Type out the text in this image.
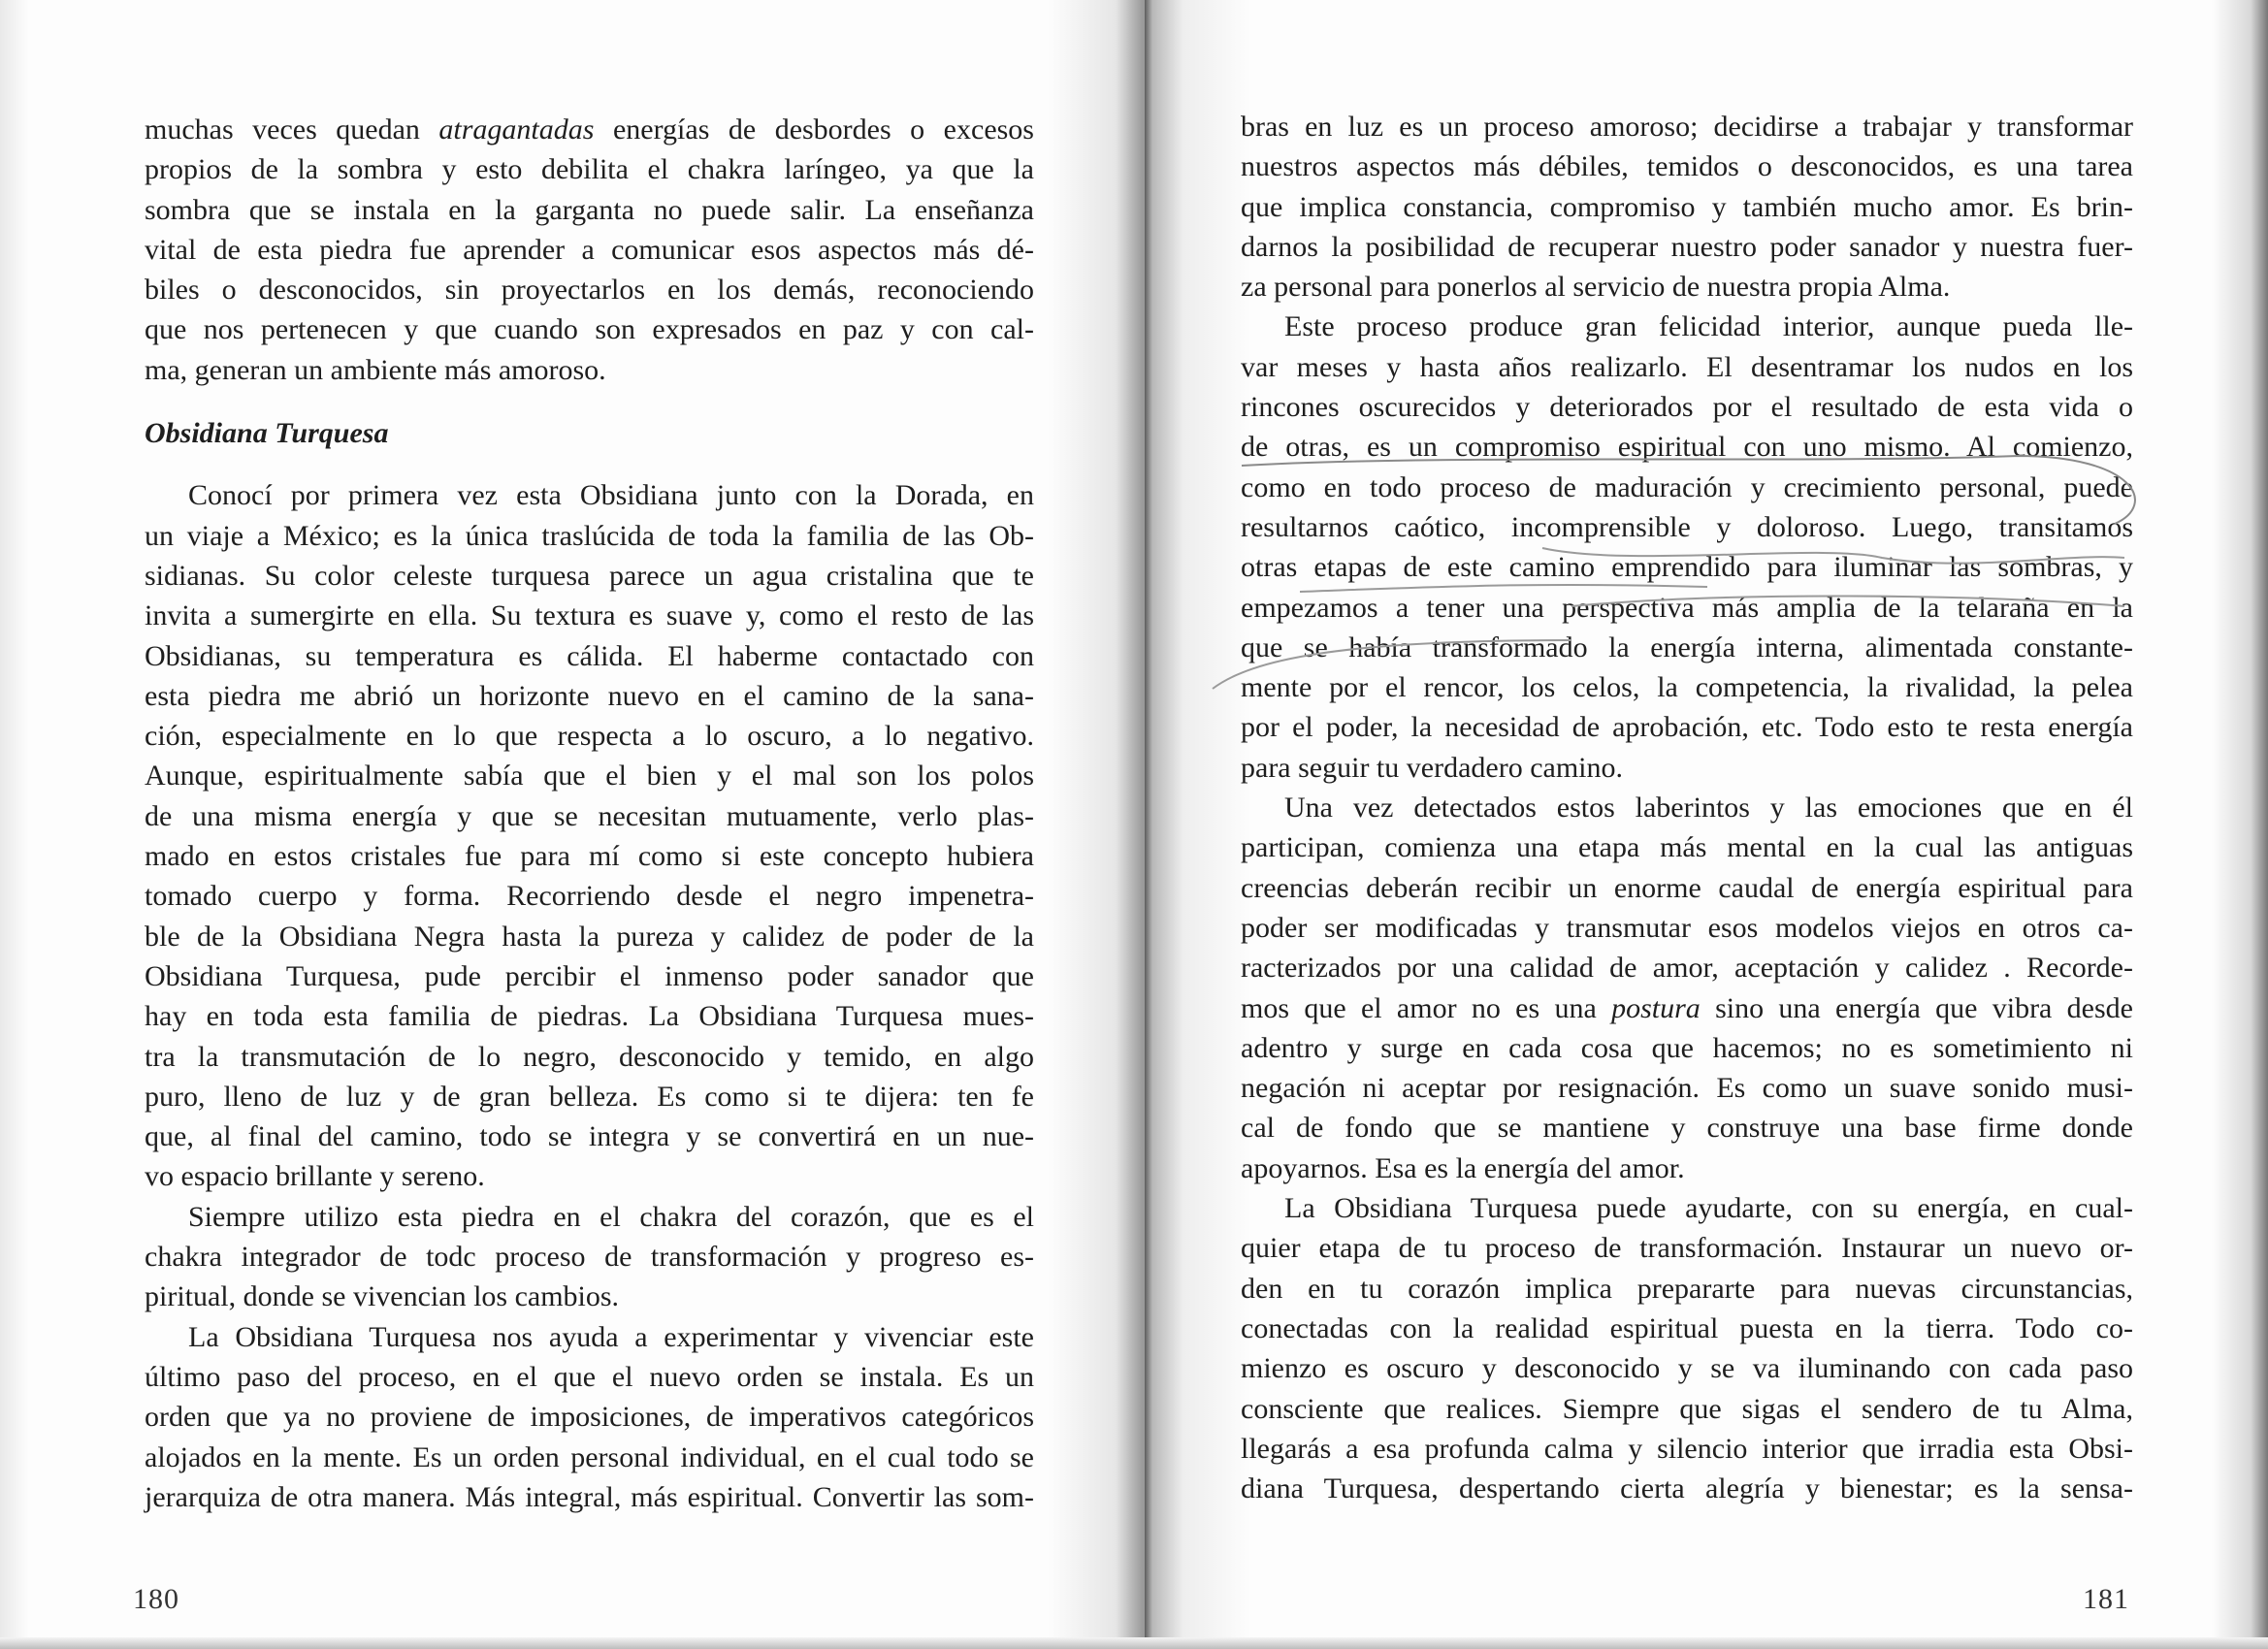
muchas veces quedan atragantadas energías de desbordes o excesos
propios de la sombra y esto debilita el chakra laríngeo, ya que la
sombra que se instala en la garganta no puede salir. La enseñanza
vital de esta piedra fue aprender a comunicar esos aspectos más dé-
biles o desconocidos, sin proyectarlos en los demás, reconociendo
que nos pertenecen y que cuando son expresados en paz y con cal-
ma, generan un ambiente más amoroso.
Obsidiana Turquesa
Conocí por primera vez esta Obsidiana junto con la Dorada, en
un viaje a México; es la única traslúcida de toda la familia de las Ob-
sidianas. Su color celeste turquesa parece un agua cristalina que te
invita a sumergirte en ella. Su textura es suave y, como el resto de las
Obsidianas, su temperatura es cálida. El haberme contactado con
esta piedra me abrió un horizonte nuevo en el camino de la sana-
ción, especialmente en lo que respecta a lo oscuro, a lo negativo.
Aunque, espiritualmente sabía que el bien y el mal son los polos
de una misma energía y que se necesitan mutuamente, verlo plas-
mado en estos cristales fue para mí como si este concepto hubiera
tomado cuerpo y forma. Recorriendo desde el negro impenetra-
ble de la Obsidiana Negra hasta la pureza y calidez de poder de la
Obsidiana Turquesa, pude percibir el inmenso poder sanador que
hay en toda esta familia de piedras. La Obsidiana Turquesa mues-
tra la transmutación de lo negro, desconocido y temido, en algo
puro, lleno de luz y de gran belleza. Es como si te dijera: ten fe
que, al final del camino, todo se integra y se convertirá en un nue-
vo espacio brillante y sereno.
Siempre utilizo esta piedra en el chakra del corazón, que es el
chakra integrador de todc proceso de transformación y progreso es-
piritual, donde se vivencian los cambios.
La Obsidiana Turquesa nos ayuda a experimentar y vivenciar este
último paso del proceso, en el que el nuevo orden se instala. Es un
orden que ya no proviene de imposiciones, de imperativos categóricos
alojados en la mente. Es un orden personal individual, en el cual todo se
jerarquiza de otra manera. Más integral, más espiritual. Convertir las som-
180
bras en luz es un proceso amoroso; decidirse a trabajar y transformar
nuestros aspectos más débiles, temidos o desconocidos, es una tarea
que implica constancia, compromiso y también mucho amor. Es brin-
darnos la posibilidad de recuperar nuestro poder sanador y nuestra fuer-
za personal para ponerlos al servicio de nuestra propia Alma.
Este proceso produce gran felicidad interior, aunque pueda lle-
var meses y hasta años realizarlo. El desentramar los nudos en los
rincones oscurecidos y deteriorados por el resultado de esta vida o
de otras, es un compromiso espiritual con uno mismo. Al comienzo,
como en todo proceso de maduración y crecimiento personal, puede
resultarnos caótico, incomprensible y doloroso. Luego, transitamos
otras etapas de este camino emprendido para iluminar las sombras, y
empezamos a tener una perspectiva más amplia de la telaraña en la
que se había transformado la energía interna, alimentada constante-
mente por el rencor, los celos, la competencia, la rivalidad, la pelea
por el poder, la necesidad de aprobación, etc. Todo esto te resta energía
para seguir tu verdadero camino.
Una vez detectados estos laberintos y las emociones que en él
participan, comienza una etapa más mental en la cual las antiguas
creencias deberán recibir un enorme caudal de energía espiritual para
poder ser modificadas y transmutar esos modelos viejos en otros ca-
racterizados por una calidad de amor, aceptación y calidez . Recorde-
mos que el amor no es una postura sino una energía que vibra desde
adentro y surge en cada cosa que hacemos; no es sometimiento ni
negación ni aceptar por resignación. Es como un suave sonido musi-
cal de fondo que se mantiene y construye una base firme donde
apoyarnos. Esa es la energía del amor.
La Obsidiana Turquesa puede ayudarte, con su energía, en cual-
quier etapa de tu proceso de transformación. Instaurar un nuevo or-
den en tu corazón implica prepararte para nuevas circunstancias,
conectadas con la realidad espiritual puesta en la tierra. Todo co-
mienzo es oscuro y desconocido y se va iluminando con cada paso
consciente que realices. Siempre que sigas el sendero de tu Alma,
llegarás a esa profunda calma y silencio interior que irradia esta Obsi-
diana Turquesa, despertando cierta alegría y bienestar; es la sensa-
181
